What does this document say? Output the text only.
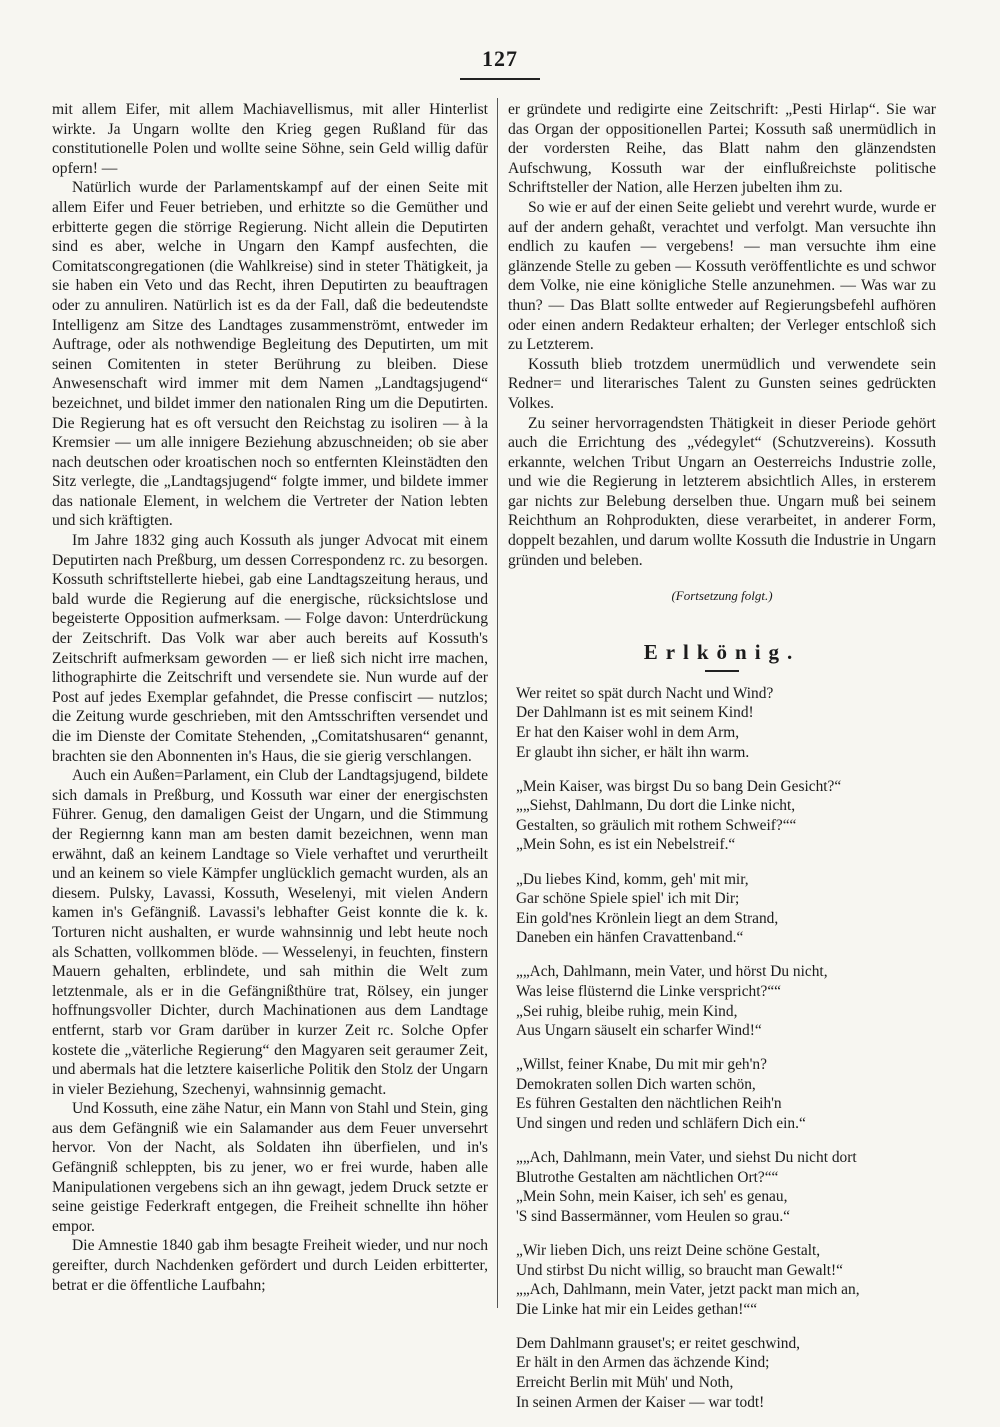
127

mit allem Eifer, mit allem Machiavellismus, mit aller Hinterlist wirkte. Ja Ungarn wollte den Krieg gegen Rußland für das constitutionelle Polen und wollte seine Söhne, sein Geld willig dafür opfern! —

Natürlich wurde der Parlamentskampf auf der einen Seite mit allem Eifer und Feuer betrieben, und erhitzte so die Gemüther und erbitterte gegen die störrige Regierung. Nicht allein die Deputirten sind es aber, welche in Ungarn den Kampf ausfechten, die Comitatscongregationen (die Wahlkreise) sind in steter Thätigkeit, ja sie haben ein Veto und das Recht, ihren Deputirten zu beauftragen oder zu annuliren. Natürlich ist es da der Fall, daß die bedeutendste Intelligenz am Sitze des Landtages zusammenströmt, entweder im Auftrage, oder als nothwendige Begleitung des Deputirten, um mit seinen Comitenten in steter Berührung zu bleiben. Diese Anwesenschaft wird immer mit dem Namen „Landtagsjugend“ bezeichnet, und bildet immer den nationalen Ring um die Deputirten. Die Regierung hat es oft versucht den Reichstag zu isoliren — à la Kremsier — um alle innigere Beziehung abzuschneiden; ob sie aber nach deutschen oder kroatischen noch so entfernten Kleinstädten den Sitz verlegte, die „Landtagsjugend“ folgte immer, und bildete immer das nationale Element, in welchem die Vertreter der Nation lebten und sich kräftigten.

Im Jahre 1832 ging auch Kossuth als junger Advocat mit einem Deputirten nach Preßburg, um dessen Correspondenz rc. zu besorgen. Kossuth schriftstellerte hiebei, gab eine Landtagszeitung heraus, und bald wurde die Regierung auf die energische, rücksichtslose und begeisterte Opposition aufmerksam. — Folge davon: Unterdrückung der Zeitschrift. Das Volk war aber auch bereits auf Kossuth's Zeitschrift aufmerksam geworden — er ließ sich nicht irre machen, lithographirte die Zeitschrift und versendete sie. Nun wurde auf der Post auf jedes Exemplar gefahndet, die Presse confiscirt — nutzlos; die Zeitung wurde geschrieben, mit den Amtsschriften versendet und die im Dienste der Comitate Stehenden, „Comitatshusaren“ genannt, brachten sie den Abonnenten in's Haus, die sie gierig verschlangen.

Auch ein Außen=Parlament, ein Club der Landtagsjugend, bildete sich damals in Preßburg, und Kossuth war einer der energischsten Führer. Genug, den damaligen Geist der Ungarn, und die Stimmung der Regiernng kann man am besten damit bezeichnen, wenn man erwähnt, daß an keinem Landtage so Viele verhaftet und verurtheilt und an keinem so viele Kämpfer unglücklich gemacht wurden, als an diesem. Pulsky, Lavassi, Kossuth, Weselenyi, mit vielen Andern kamen in's Gefängniß. Lavassi's lebhafter Geist konnte die k. k. Torturen nicht aushalten, er wurde wahnsinnig und lebt heute noch als Schatten, vollkommen blöde. — Wesselenyi, in feuchten, finstern Mauern gehalten, erblindete, und sah mithin die Welt zum letztenmale, als er in die Gefängnißthüre trat, Rölsey, ein junger hoffnungsvoller Dichter, durch Machinationen aus dem Landtage entfernt, starb vor Gram darüber in kurzer Zeit rc. Solche Opfer kostete die „väterliche Regierung“ den Magyaren seit geraumer Zeit, und abermals hat die letztere kaiserliche Politik den Stolz der Ungarn in vieler Beziehung, Szechenyi, wahnsinnig gemacht.

Und Kossuth, eine zähe Natur, ein Mann von Stahl und Stein, ging aus dem Gefängniß wie ein Salamander aus dem Feuer unversehrt hervor. Von der Nacht, als Soldaten ihn überfielen, und in's Gefängniß schleppten, bis zu jener, wo er frei wurde, haben alle Manipulationen vergebens sich an ihn gewagt, jedem Druck setzte er seine geistige Federkraft entgegen, die Freiheit schnellte ihn höher empor.

Die Amnestie 1840 gab ihm besagte Freiheit wieder, und nur noch gereifter, durch Nachdenken gefördert und durch Leiden erbitterter, betrat er die öffentliche Laufbahn;

er gründete und redigirte eine Zeitschrift: „Pesti Hirlap“. Sie war das Organ der oppositionellen Partei; Kossuth saß unermüdlich in der vordersten Reihe, das Blatt nahm den glänzendsten Aufschwung, Kossuth war der einflußreichste politische Schriftsteller der Nation, alle Herzen jubelten ihm zu.

So wie er auf der einen Seite geliebt und verehrt wurde, wurde er auf der andern gehaßt, verachtet und verfolgt. Man versuchte ihn endlich zu kaufen — vergebens! — man versuchte ihm eine glänzende Stelle zu geben — Kossuth veröffentlichte es und schwor dem Volke, nie eine königliche Stelle anzunehmen. — Was war zu thun? — Das Blatt sollte entweder auf Regierungsbefehl aufhören oder einen andern Redakteur erhalten; der Verleger entschloß sich zu Letzterem.

Kossuth blieb trotzdem unermüdlich und verwendete sein Redner= und literarisches Talent zu Gunsten seines gedrückten Volkes.

Zu seiner hervorragendsten Thätigkeit in dieser Periode gehört auch die Errichtung des „védegylet“ (Schutzvereins). Kossuth erkannte, welchen Tribut Ungarn an Oesterreichs Industrie zolle, und wie die Regierung in letzterem absichtlich Alles, in ersterem gar nichts zur Belebung derselben thue. Ungarn muß bei seinem Reichthum an Rohprodukten, diese verarbeitet, in anderer Form, doppelt bezahlen, und darum wollte Kossuth die Industrie in Ungarn gründen und beleben.

(Fortsetzung folgt.)
Erlkönig.
Wer reitet so spät durch Nacht und Wind?
Der Dahlmann ist es mit seinem Kind!
Er hat den Kaiser wohl in dem Arm,
Er glaubt ihn sicher, er hält ihn warm.
„Mein Kaiser, was birgst Du so bang Dein Gesicht?“
„„Siehst, Dahlmann, Du dort die Linke nicht,
Gestalten, so gräulich mit rothem Schweif?““
„Mein Sohn, es ist ein Nebelstreif.“
„Du liebes Kind, komm, geh' mit mir,
Gar schöne Spiele spiel' ich mit Dir;
Ein gold'nes Krönlein liegt an dem Strand,
Daneben ein hänfen Cravattenband.“
„„Ach, Dahlmann, mein Vater, und hörst Du nicht,
Was leise flüsternd die Linke verspricht?““
„Sei ruhig, bleibe ruhig, mein Kind,
Aus Ungarn säuselt ein scharfer Wind!“
„Willst, feiner Knabe, Du mit mir geh'n?
Demokraten sollen Dich warten schön,
Es führen Gestalten den nächtlichen Reih'n
Und singen und reden und schläfern Dich ein.“
„„Ach, Dahlmann, mein Vater, und siehst Du nicht dort
Blutrothe Gestalten am nächtlichen Ort?““
„Mein Sohn, mein Kaiser, ich seh' es genau,
'S sind Bassermänner, vom Heulen so grau.“
„Wir lieben Dich, uns reizt Deine schöne Gestalt,
Und stirbst Du nicht willig, so braucht man Gewalt!“
„„Ach, Dahlmann, mein Vater, jetzt packt man mich an,
Die Linke hat mir ein Leides gethan!““
Dem Dahlmann grauset's; er reitet geschwind,
Er hält in den Armen das ächzende Kind;
Erreicht Berlin mit Müh' und Noth,
In seinen Armen der Kaiser — war todt!
